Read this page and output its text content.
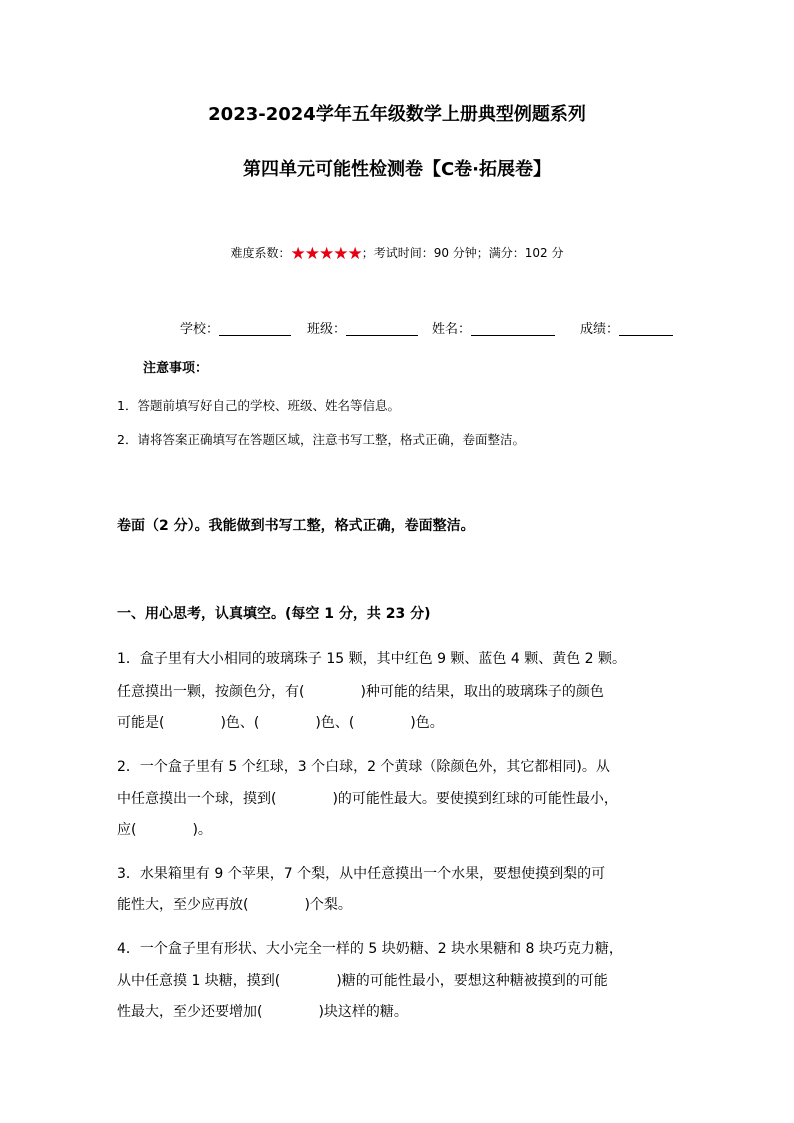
2023-2024学年五年级数学上册典型例题系列
第四单元可能性检测卷【C卷·拓展卷】
难度系数：★★★★★；考试时间：90 分钟；满分：102 分
学校：	班级：	姓名：	成绩：
注意事项：
1．答题前填写好自己的学校、班级、姓名等信息。
2．请将答案正确填写在答题区域，注意书写工整，格式正确，卷面整洁。
卷面（2 分）。我能做到书写工整，格式正确，卷面整洁。
一、用心思考，认真填空。(每空 1 分，共 23 分)
1．盒子里有大小相同的玻璃珠子 15 颗，其中红色 9 颗、蓝色 4 颗、黄色 2 颗。
任意摸出一颗，按颜色分，有(　　　　)种可能的结果，取出的玻璃珠子的颜色
可能是(　　　　)色、(　　　　)色、(　　　　)色。
2．一个盒子里有 5 个红球，3 个白球，2 个黄球（除颜色外，其它都相同)。从
中任意摸出一个球，摸到(　　　　)的可能性最大。要使摸到红球的可能性最小，
应(　　　　)。
3．水果箱里有 9 个苹果，7 个梨，从中任意摸出一个水果，要想使摸到梨的可
能性大，至少应再放(　　　　)个梨。
4．一个盒子里有形状、大小完全一样的 5 块奶糖、2 块水果糖和 8 块巧克力糖，
从中任意摸 1 块糖，摸到(　　　　)糖的可能性最小，要想这种糖被摸到的可能
性最大，至少还要增加(　　　　)块这样的糖。
